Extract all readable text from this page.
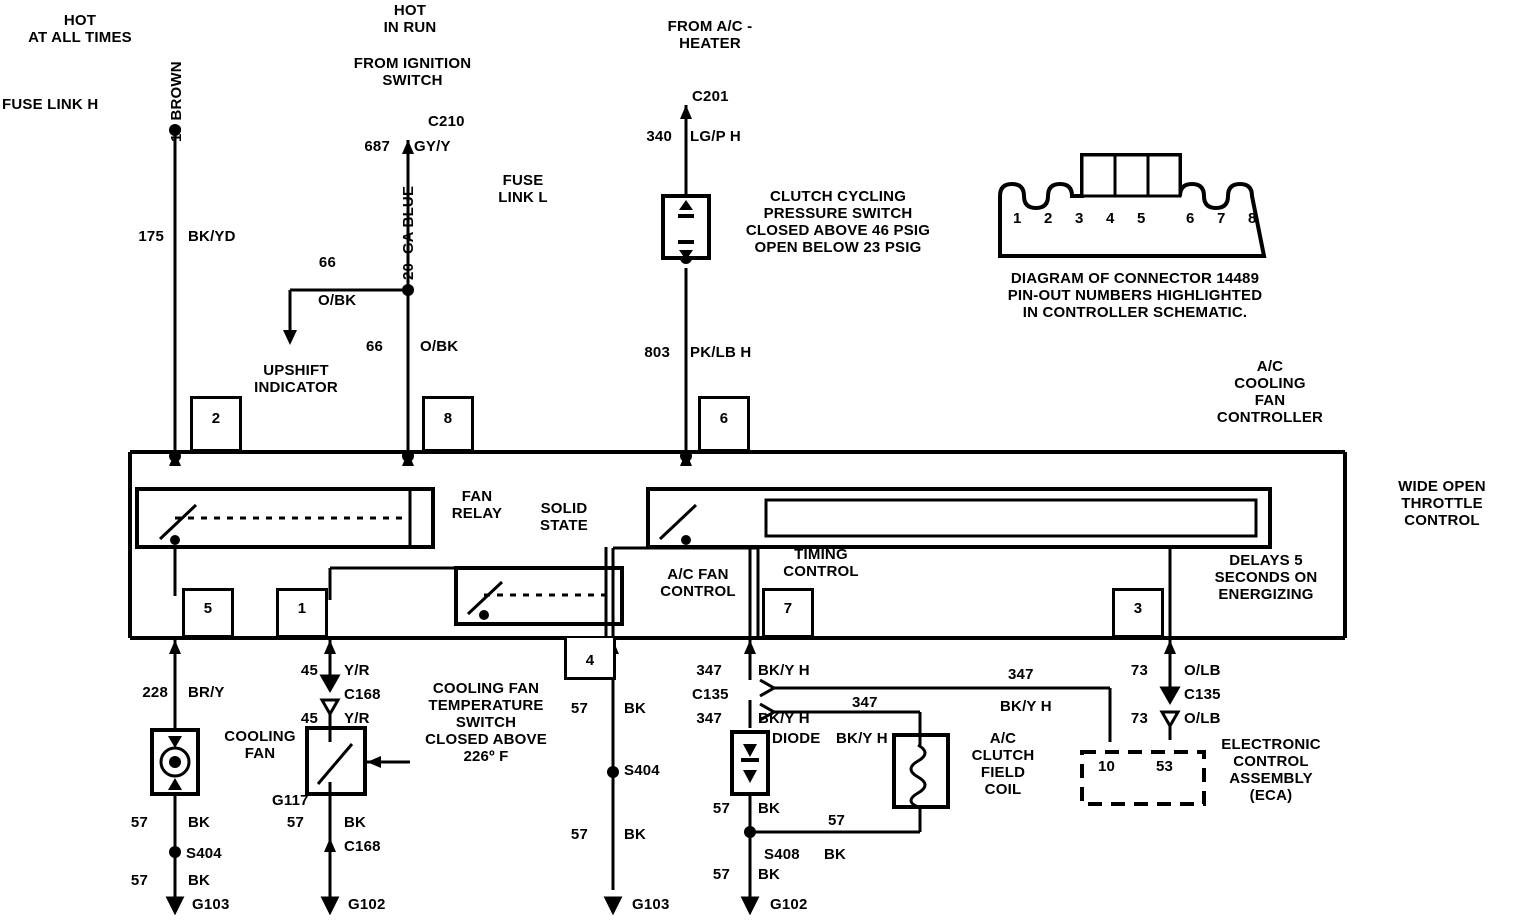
2	8	6
5	1
4
7	3
1 2 3 4 5	6 7 8
HOT
AT ALL TIMES
FUSE LINK H
HOT
IN RUN
FROM IGNITION
SWITCH
C210
687 GY/Y
FROM A/C -
HEATER
C201
340 LG/P H
18 BROWN
20  GA BLUE
175 BK/YD
FUSE
LINK L
66
O/BK
66 O/BK
UPSHIFT
INDICATOR
803 PK/LB H
CLUTCH CYCLING
PRESSURE SWITCH
CLOSED ABOVE 46 PSIG
OPEN BELOW 23 PSIG
DIAGRAM OF CONNECTOR 14489
PIN-OUT NUMBERS HIGHLIGHTED
IN CONTROLLER SCHEMATIC.
A/C
COOLING
FAN
CONTROLLER
WIDE OPEN
THROTTLE
CONTROL
FAN
RELAY	SOLID
STATE
TIMING
CONTROL
A/C FAN
CONTROL
DELAYS 5
SECONDS ON
ENERGIZING
228 BR/Y
45 Y/R
C168
45 Y/R
COOLING
FAN
COOLING FAN
TEMPERATURE
SWITCH
CLOSED ABOVE
226º F
G117
57	BK
S404
57	BK
G103
57	BK
C168
G102
57 BK
S404
57 BK
G103
347 BK/Y H
C135
347 BK/Y H
347
347
BK/Y H
BK/Y H
DIODE	A/C
CLUTCH
FIELD
COIL
57 BK
57
S408 BK
57 BK
G102
73 O/LB
C135
73 O/LB
10	53
ELECTRONIC
CONTROL
ASSEMBLY
(ECA)
